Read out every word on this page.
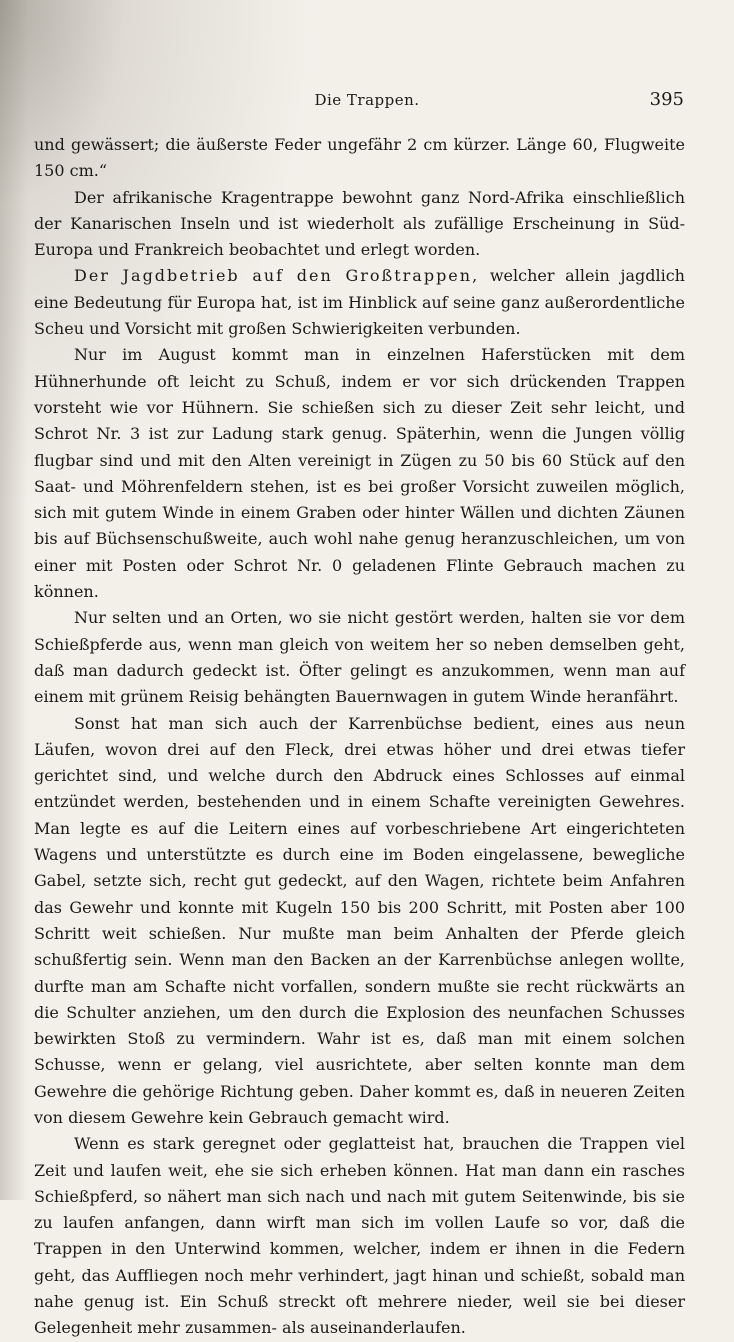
Die Trappen.	395

und gewässert; die äußerste Feder ungefähr 2 cm kürzer. Länge 60, Flugweite 150 cm.“

Der afrikanische Kragentrappe bewohnt ganz Nord-Afrika einschließlich der Kanarischen Inseln und ist wiederholt als zufällige Erscheinung in Süd-Europa und Frankreich beobachtet und erlegt worden.

Der Jagdbetrieb auf den Großtrappen, welcher allein jagdlich eine Bedeutung für Europa hat, ist im Hinblick auf seine ganz außerordentliche Scheu und Vorsicht mit großen Schwierigkeiten verbunden.

Nur im August kommt man in einzelnen Haferstücken mit dem Hühnerhunde oft leicht zu Schuß, indem er vor sich drückenden Trappen vorsteht wie vor Hühnern. Sie schießen sich zu dieser Zeit sehr leicht, und Schrot Nr. 3 ist zur Ladung stark genug. Späterhin, wenn die Jungen völlig flugbar sind und mit den Alten vereinigt in Zügen zu 50 bis 60 Stück auf den Saat- und Möhrenfeldern stehen, ist es bei großer Vorsicht zuweilen möglich, sich mit gutem Winde in einem Graben oder hinter Wällen und dichten Zäunen bis auf Büchsenschußweite, auch wohl nahe genug heranzuschleichen, um von einer mit Posten oder Schrot Nr. 0 geladenen Flinte Gebrauch machen zu können.

Nur selten und an Orten, wo sie nicht gestört werden, halten sie vor dem Schießpferde aus, wenn man gleich von weitem her so neben demselben geht, daß man dadurch gedeckt ist. Öfter gelingt es anzukommen, wenn man auf einem mit grünem Reisig behängten Bauernwagen in gutem Winde heranfährt.

Sonst hat man sich auch der Karrenbüchse bedient, eines aus neun Läufen, wovon drei auf den Fleck, drei etwas höher und drei etwas tiefer gerichtet sind, und welche durch den Abdruck eines Schlosses auf einmal entzündet werden, bestehenden und in einem Schafte vereinigten Gewehres. Man legte es auf die Leitern eines auf vorbeschriebene Art eingerichteten Wagens und unterstützte es durch eine im Boden eingelassene, bewegliche Gabel, setzte sich, recht gut gedeckt, auf den Wagen, richtete beim Anfahren das Gewehr und konnte mit Kugeln 150 bis 200 Schritt, mit Posten aber 100 Schritt weit schießen. Nur mußte man beim Anhalten der Pferde gleich schußfertig sein. Wenn man den Backen an der Karrenbüchse anlegen wollte, durfte man am Schafte nicht vorfallen, sondern mußte sie recht rückwärts an die Schulter anziehen, um den durch die Explosion des neunfachen Schusses bewirkten Stoß zu vermindern. Wahr ist es, daß man mit einem solchen Schusse, wenn er gelang, viel ausrichtete, aber selten konnte man dem Gewehre die gehörige Richtung geben. Daher kommt es, daß in neueren Zeiten von diesem Gewehre kein Gebrauch gemacht wird.

Wenn es stark geregnet oder geglatteist hat, brauchen die Trappen viel Zeit und laufen weit, ehe sie sich erheben können. Hat man dann ein rasches Schießpferd, so nähert man sich nach und nach mit gutem Seitenwinde, bis sie zu laufen anfangen, dann wirft man sich im vollen Laufe so vor, daß die Trappen in den Unterwind kommen, welcher, indem er ihnen in die Federn geht, das Auffliegen noch mehr verhindert, jagt hinan und schießt, sobald man nahe genug ist. Ein Schuß streckt oft mehrere nieder, weil sie bei dieser Gelegenheit mehr zusammen- als auseinanderlaufen.
